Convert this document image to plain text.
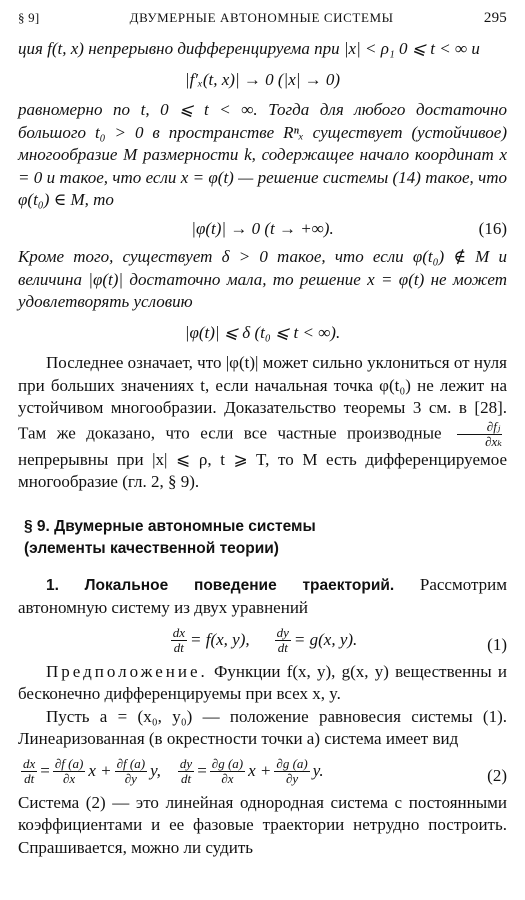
§ 9]	ДВУМЕРНЫЕ АВТОНОМНЫЕ СИСТЕМЫ	295

ция f(t, x) непрерывно дифференцируема при |x| < ρ₁ 0 ⩽ t < ∞ и

|f′ₓ(t, x)| → 0 (|x| → 0)

равномерно по t, 0 ⩽ t < ∞. Тогда для любого достаточно большого t₀ > 0 в пространстве Rⁿₓ существует (устойчивое) многообразие M размерности k, содержащее начало координат x = 0 и такое, что если x = φ(t) — решение системы (14) такое, что φ(t₀) ∈ M, то

|φ(t)| → 0 (t → +∞).	(16)

Кроме того, существует δ > 0 такое, что если φ(t₀) ∉ M и величина |φ(t)| достаточно мала, то решение x = φ(t) не может удовлетворять условию

|φ(t)| ⩽ δ (t₀ ⩽ t < ∞).

Последнее означает, что |φ(t)| может сильно уклониться от нуля при больших значениях t, если начальная точка φ(t₀) не лежит на устойчивом многообразии. Доказательство теоремы 3 см. в [28]. Там же доказано, что если все частные производные $\frac{\text{∂fⱼ}}{\text{∂xₖ}}$
непрерывны при |x| ⩽ ρ, t ⩾ T, то M есть дифференцируемое многообразие (гл. 2, § 9).

§ 9. Двумерные автономные системы
(элементы качественной теории)

1. Локальное поведение траекторий. Рассмотрим автономную систему из двух уравнений

$\frac{dx}{dt} = f(x$, y), $\frac{dy}{dt} = g(x$, y).	(1)

Предположение. Функции f(x, y), g(x, y) вещественны и бесконечно дифференцируемы при всех x, y.

Пусть a = (x₀, y₀) — положение равновесия системы (1). Линеаризованная (в окрестности точки a) система имеет вид

$\frac{dx}{dt} = \frac{\partial f (a)}{\partial x}$ $x + \frac{\partial f (a)}{\partial y} y$, $\frac{dy}{dt} = \frac{\partial g (a)}{\partial x}$ $x + \frac{\partial g (a)}{\partial y} y$.	(2)

Система (2) — это линейная однородная система с постоянными коэффициентами и ее фазовые траектории нетрудно построить. Спрашивается, можно ли судить
